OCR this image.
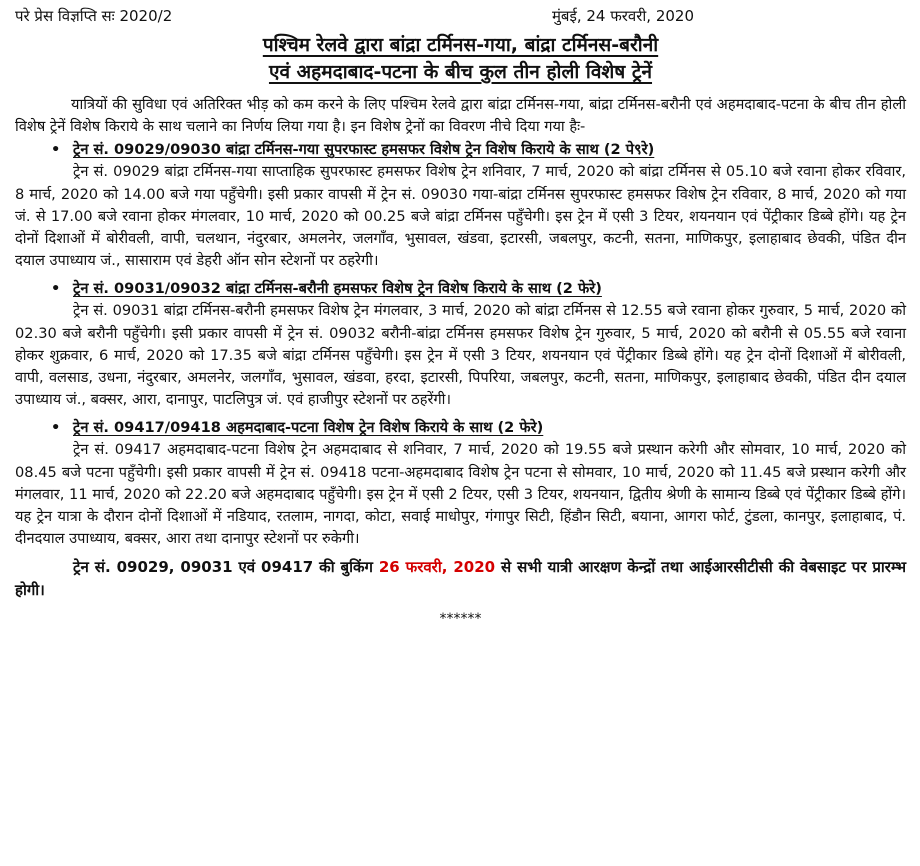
परे प्रेस विज्ञप्ति सः 2020/2	मुंबई, 24 फरवरी, 2020
पश्चिम रेलवे द्वारा बांद्रा टर्मिनस-गया, बांद्रा टर्मिनस-बरौनी
एवं अहमदाबाद-पटना के बीच कुल तीन होली विशेष ट्रेनें

यात्रियों की सुविधा एवं अतिरिक्त भीड़ को कम करने के लिए पश्चिम रेलवे द्वारा बांद्रा टर्मिनस-गया, बांद्रा टर्मिनस-बरौनी एवं अहमदाबाद-पटना के बीच तीन होली विशेष ट्रेनें विशेष किराये के साथ चलाने का निर्णय लिया गया है। इन विशेष ट्रेनों का विवरण नीचे दिया गया हैः-

• ट्रेन सं. 09029/09030 बांद्रा टर्मिनस-गया सुपरफास्ट हमसफर विशेष ट्रेन विशेष किराये के साथ (2 पे९रे)

ट्रेन सं. 09029 बांद्रा टर्मिनस-गया साप्ताहिक सुपरफास्ट हमसफर विशेष ट्रेन शनिवार, 7 मार्च, 2020 को बांद्रा टर्मिनस से 05.10 बजे रवाना होकर रविवार, 8 मार्च, 2020 को 14.00 बजे गया पहुँचेगी। इसी प्रकार वापसी में ट्रेन सं. 09030 गया-बांद्रा टर्मिनस सुपरफास्ट हमसफर विशेष ट्रेन रविवार, 8 मार्च, 2020 को गया जं. से 17.00 बजे रवाना होकर मंगलवार, 10 मार्च, 2020 को 00.25 बजे बांद्रा टर्मिनस पहुँचेगी। इस ट्रेन में एसी 3 टियर, शयनयान एवं पेंट्रीकार डिब्बे होंगे। यह ट्रेन दोनों दिशाओं में बोरीवली, वापी, चलथान, नंदुरबार, अमलनेर, जलगाँव, भुसावल, खंडवा, इटारसी, जबलपुर, कटनी, सतना, माणिकपुर, इलाहाबाद छेवकी, पंडित दीन दयाल उपाध्याय जं., सासाराम एवं डेहरी ऑन सोन स्टेशनों पर ठहरेगी।

• ट्रेन सं. 09031/09032 बांद्रा टर्मिनस-बरौनी हमसफर विशेष ट्रेन विशेष किराये के साथ (2 फेरे)

ट्रेन सं. 09031 बांद्रा टर्मिनस-बरौनी हमसफर विशेष ट्रेन मंगलवार, 3 मार्च, 2020 को बांद्रा टर्मिनस से 12.55 बजे रवाना होकर गुरुवार, 5 मार्च, 2020 को 02.30 बजे बरौनी पहुँचेगी। इसी प्रकार वापसी में ट्रेन सं. 09032 बरौनी-बांद्रा टर्मिनस हमसफर विशेष ट्रेन गुरुवार, 5 मार्च, 2020 को बरौनी से 05.55 बजे रवाना होकर शुक्रवार, 6 मार्च, 2020 को 17.35 बजे बांद्रा टर्मिनस पहुँचेगी। इस ट्रेन में एसी 3 टियर, शयनयान एवं पेंट्रीकार डिब्बे होंगे। यह ट्रेन दोनों दिशाओं में बोरीवली, वापी, वलसाड, उधना, नंदुरबार, अमलनेर, जलगाँव, भुसावल, खंडवा, हरदा, इटारसी, पिपरिया, जबलपुर, कटनी, सतना, माणिकपुर, इलाहाबाद छेवकी, पंडित दीन दयाल उपाध्याय जं., बक्सर, आरा, दानापुर, पाटलिपुत्र जं. एवं हाजीपुर स्टेशनों पर ठहरेंगी।

• ट्रेन सं. 09417/09418 अहमदाबाद-पटना विशेष ट्रेन विशेष किराये के साथ (2 फेरे)

ट्रेन सं. 09417 अहमदाबाद-पटना विशेष ट्रेन अहमदाबाद से शनिवार, 7 मार्च, 2020 को 19.55 बजे प्रस्थान करेगी और सोमवार, 10 मार्च, 2020 को 08.45 बजे पटना पहुँचेगी। इसी प्रकार वापसी में ट्रेन सं. 09418 पटना-अहमदाबाद विशेष ट्रेन पटना से सोमवार, 10 मार्च, 2020 को 11.45 बजे प्रस्थान करेगी और मंगलवार, 11 मार्च, 2020 को 22.20 बजे अहमदाबाद पहुँचेगी। इस ट्रेन में एसी 2 टियर, एसी 3 टियर, शयनयान, द्वितीय श्रेणी के सामान्य डिब्बे एवं पेंट्रीकार डिब्बे होंगे। यह ट्रेन यात्रा के दौरान दोनों दिशाओं में नडियाद, रतलाम, नागदा, कोटा, सवाई माधोपुर, गंगापुर सिटी, हिंडौन सिटी, बयाना, आगरा फोर्ट, टुंडला, कानपुर, इलाहाबाद, पं. दीनदयाल उपाध्याय, बक्सर, आरा तथा दानापुर स्टेशनों पर रुकेगी।

ट्रेन सं. 09029, 09031 एवं 09417 की बुकिंग 26 फरवरी, 2020 से सभी यात्री आरक्षण केन्द्रों तथा आईआरसीटीसी की वेबसाइट पर प्रारम्भ होगी।

******
